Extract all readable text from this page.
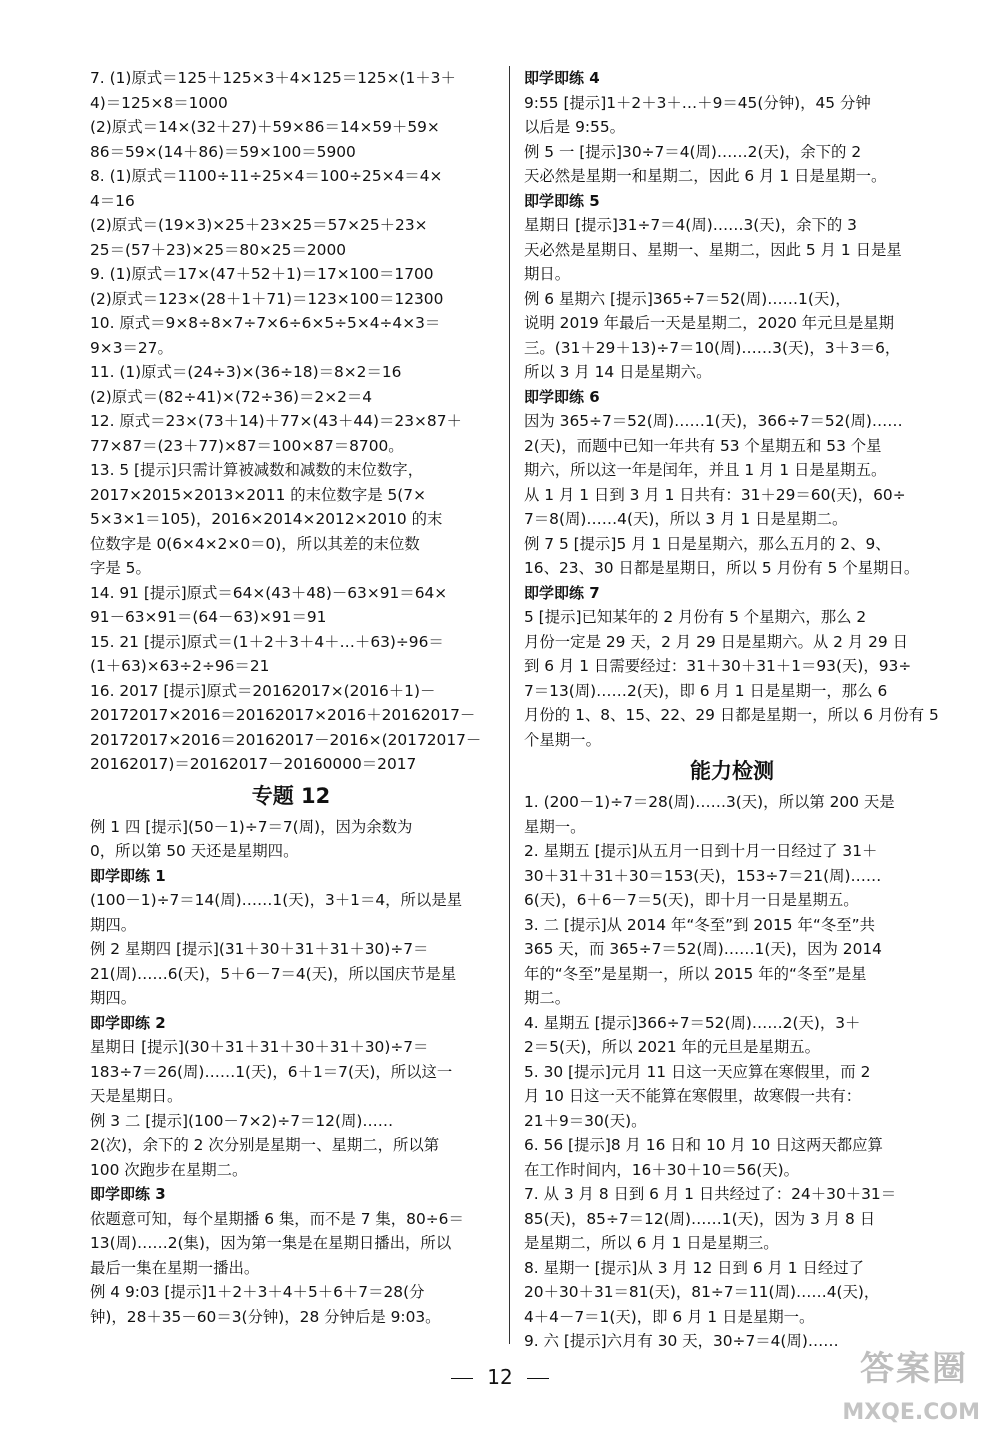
7. (1)原式＝125＋125×3＋4×125＝125×(1＋3＋
4)＝125×8＝1000
(2)原式＝14×(32＋27)＋59×86＝14×59＋59×
86＝59×(14＋86)＝59×100＝5900
8. (1)原式＝1100÷11÷25×4＝100÷25×4＝4×
4＝16
(2)原式＝(19×3)×25＋23×25＝57×25＋23×
25＝(57＋23)×25＝80×25＝2000
9. (1)原式＝17×(47＋52＋1)＝17×100＝1700
(2)原式＝123×(28＋1＋71)＝123×100＝12300
10. 原式＝9×8÷8×7÷7×6÷6×5÷5×4÷4×3＝
9×3＝27。
11. (1)原式＝(24÷3)×(36÷18)＝8×2＝16
(2)原式＝(82÷41)×(72÷36)＝2×2＝4
12. 原式＝23×(73＋14)＋77×(43＋44)＝23×87＋
77×87＝(23＋77)×87＝100×87＝8700。
13. 5 [提示]只需计算被减数和减数的末位数字，
2017×2015×2013×2011 的末位数字是 5(7×
5×3×1＝105)，2016×2014×2012×2010 的末
位数字是 0(6×4×2×0＝0)，所以其差的末位数
字是 5。
14. 91 [提示]原式＝64×(43＋48)－63×91＝64×
91－63×91＝(64－63)×91＝91
15. 21 [提示]原式＝(1＋2＋3＋4＋…＋63)÷96＝
(1＋63)×63÷2÷96＝21
16. 2017 [提示]原式＝20162017×(2016＋1)－
20172017×2016＝20162017×2016＋20162017－
20172017×2016＝20162017－2016×(20172017－
20162017)＝20162017－20160000＝2017
专题 12
例 1 四 [提示](50－1)÷7＝7(周)，因为余数为
0，所以第 50 天还是星期四。
即学即练 1
(100－1)÷7＝14(周)……1(天)，3＋1＝4，所以是星
期四。
例 2 星期四 [提示](31＋30＋31＋31＋30)÷7＝
21(周)……6(天)，5＋6－7＝4(天)，所以国庆节是星
期四。
即学即练 2
星期日 [提示](30＋31＋31＋30＋31＋30)÷7＝
183÷7＝26(周)……1(天)，6＋1＝7(天)，所以这一
天是星期日。
例 3 二 [提示](100－7×2)÷7＝12(周)……
2(次)，余下的 2 次分别是星期一、星期二，所以第
100 次跑步在星期二。
即学即练 3
依题意可知，每个星期播 6 集，而不是 7 集，80÷6＝
13(周)……2(集)，因为第一集是在星期日播出，所以
最后一集在星期一播出。
例 4 9:03 [提示]1＋2＋3＋4＋5＋6＋7＝28(分
钟)，28＋35－60＝3(分钟)，28 分钟后是 9:03。
即学即练 4
9:55 [提示]1＋2＋3＋…＋9＝45(分钟)，45 分钟
以后是 9:55。
例 5 一 [提示]30÷7＝4(周)……2(天)，余下的 2
天必然是星期一和星期二，因此 6 月 1 日是星期一。
即学即练 5
星期日 [提示]31÷7＝4(周)……3(天)，余下的 3
天必然是星期日、星期一、星期二，因此 5 月 1 日是星
期日。
例 6 星期六 [提示]365÷7＝52(周)……1(天)，
说明 2019 年最后一天是星期二，2020 年元旦是星期
三。(31＋29＋13)÷7＝10(周)……3(天)，3＋3＝6，
所以 3 月 14 日是星期六。
即学即练 6
因为 365÷7＝52(周)……1(天)，366÷7＝52(周)……
2(天)，而题中已知一年共有 53 个星期五和 53 个星
期六，所以这一年是闰年，并且 1 月 1 日是星期五。
从 1 月 1 日到 3 月 1 日共有：31＋29＝60(天)，60÷
7＝8(周)……4(天)，所以 3 月 1 日是星期二。
例 7 5 [提示]5 月 1 日是星期六，那么五月的 2、9、
16、23、30 日都是星期日，所以 5 月份有 5 个星期日。
即学即练 7
5 [提示]已知某年的 2 月份有 5 个星期六，那么 2
月份一定是 29 天，2 月 29 日是星期六。从 2 月 29 日
到 6 月 1 日需要经过：31＋30＋31＋1＝93(天)，93÷
7＝13(周)……2(天)，即 6 月 1 日是星期一，那么 6
月份的 1、8、15、22、29 日都是星期一，所以 6 月份有 5
个星期一。
能力检测
1. (200－1)÷7＝28(周)……3(天)，所以第 200 天是
星期一。
2. 星期五 [提示]从五月一日到十月一日经过了 31＋
30＋31＋31＋30＝153(天)，153÷7＝21(周)……
6(天)，6＋6－7＝5(天)，即十月一日是星期五。
3. 二 [提示]从 2014 年“冬至”到 2015 年“冬至”共
365 天，而 365÷7＝52(周)……1(天)，因为 2014
年的“冬至”是星期一，所以 2015 年的“冬至”是星
期二。
4. 星期五 [提示]366÷7＝52(周)……2(天)，3＋
2＝5(天)，所以 2021 年的元旦是星期五。
5. 30 [提示]元月 11 日这一天应算在寒假里，而 2
月 10 日这一天不能算在寒假里，故寒假一共有：
21＋9＝30(天)。
6. 56 [提示]8 月 16 日和 10 月 10 日这两天都应算
在工作时间内，16＋30＋10＝56(天)。
7. 从 3 月 8 日到 6 月 1 日共经过了：24＋30＋31＝
85(天)，85÷7＝12(周)……1(天)，因为 3 月 8 日
是星期二，所以 6 月 1 日是星期三。
8. 星期一 [提示]从 3 月 12 日到 6 月 1 日经过了
20＋30＋31＝81(天)，81÷7＝11(周)……4(天)，
4＋4－7＝1(天)，即 6 月 1 日是星期一。
9. 六 [提示]六月有 30 天，30÷7＝4(周)……
12	答案圈
MXQE.COM
